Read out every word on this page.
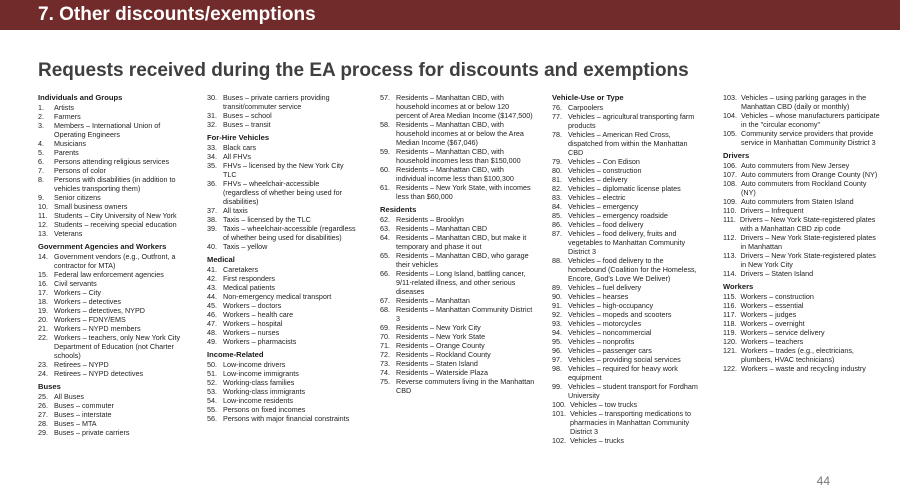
7. Other discounts/exemptions
Requests received during the EA process for discounts and exemptions
Individuals and Groups
1.	Artists
2.	Farmers
3.	Members – International Union of Operating Engineers
4.	Musicians
5.	Parents
6.	Persons attending religious services
7.	Persons of color
8.	Persons with disabilities (in addition to vehicles transporting them)
9.	Senior citizens
10. Small business owners
11. Students – City University of New York
12. Students – receiving special education
13. Veterans
Government Agencies and Workers
14. Government vendors (e.g., Outfront, a contractor for MTA)
15. Federal law enforcement agencies
16. Civil servants
17. Workers – City
18. Workers – detectives
19. Workers – detectives, NYPD
20. Workers – FDNY/EMS
21. Workers – NYPD members
22. Workers – teachers, only New York City Department of Education (not Charter schools)
23. Retirees – NYPD
24. Retirees – NYPD detectives
Buses
25. All Buses
26. Buses – commuter
27. Buses – interstate
28. Buses – MTA
29. Buses – private carriers
30. Buses – private carriers providing transit/commuter service
31. Buses – school
32. Buses – transit
For-Hire Vehicles
33. Black cars
34. All FHVs
35. FHVs – licensed by the New York City TLC
36. FHVs – wheelchair-accessible (regardless of whether being used for disabilities)
37. All taxis
38. Taxis – licensed by the TLC
39. Taxis – wheelchair-accessible (regardless of whether being used for disabilities)
40. Taxis – yellow
Medical
41. Caretakers
42. First responders
43. Medical patients
44. Non-emergency medical transport
45. Workers – doctors
46. Workers – health care
47. Workers – hospital
48. Workers – nurses
49. Workers – pharmacists
Income-Related
50. Low-income drivers
51. Low-income immigrants
52. Working-class families
53. Working-class immigrants
54. Low-income residents
55. Persons on fixed incomes
56. Persons with major financial constraints
57. Residents – Manhattan CBD, with household incomes at or below 120 percent of Area Median Income ($147,500)
58. Residents – Manhattan CBD, with household incomes at or below the Area Median Income ($67,046)
59. Residents – Manhattan CBD, with household incomes less than $150,000
60. Residents – Manhattan CBD, with individual income less than $100,300
61. Residents – New York State, with incomes less than $60,000
Residents
62. Residents – Brooklyn
63. Residents – Manhattan CBD
64. Residents – Manhattan CBD, but make it temporary and phase it out
65. Residents – Manhattan CBD, who garage their vehicles
66. Residents – Long Island, battling cancer, 9/11-related illness, and other serious diseases
67. Residents – Manhattan
68. Residents – Manhattan Community District 3
69. Residents – New York City
70. Residents – New York State
71. Residents – Orange County
72. Residents – Rockland County
73. Residents – Staten Island
74. Residents – Waterside Plaza
75. Reverse commuters living in the Manhattan CBD
Vehicle-Use or Type
76. Carpoolers
77. Vehicles – agricultural transporting farm products
78. Vehicles – American Red Cross, dispatched from within the Manhattan CBD
79. Vehicles – Con Edison
80. Vehicles – construction
81. Vehicles – delivery
82. Vehicles – diplomatic license plates
83. Vehicles – electric
84. Vehicles – emergency
85. Vehicles – emergency roadside
86. Vehicles – food delivery
87. Vehicles – food delivery, fruits and vegetables to Manhattan Community District 3
88. Vehicles – food delivery to the homebound (Coalition for the Homeless, Encore, God's Love We Deliver)
89. Vehicles – fuel delivery
90. Vehicles – hearses
91. Vehicles – high-occupancy
92. Vehicles – mopeds and scooters
93. Vehicles – motorcycles
94. Vehicles – noncommercial
95. Vehicles – nonprofits
96. Vehicles – passenger cars
97. Vehicles – providing social services
98. Vehicles – required for heavy work equipment
99. Vehicles – student transport for Fordham University
100. Vehicles – tow trucks
101. Vehicles – transporting medications to pharmacies in Manhattan Community District 3
102. Vehicles – trucks
103. Vehicles – using parking garages in the Manhattan CBD (daily or monthly)
104. Vehicles – whose manufacturers participate in the "circular economy"
105. Community service providers that provide service in Manhattan Community District 3
Drivers
106. Auto commuters from New Jersey
107. Auto commuters from Orange County (NY)
108. Auto commuters from Rockland County (NY)
109. Auto commuters from Staten Island
110. Drivers – Infrequent
111. Drivers – New York State-registered plates with a Manhattan CBD zip code
112. Drivers – New York State-registered plates in Manhattan
113. Drivers – New York State-registered plates in New York City
114. Drivers – Staten Island
Workers
115. Workers – construction
116. Workers – essential
117. Workers – judges
118. Workers – overnight
119. Workers – service delivery
120. Workers – teachers
121. Workers – trades (e.g., electricians, plumbers, HVAC technicians)
122. Workers – waste and recycling industry
44
